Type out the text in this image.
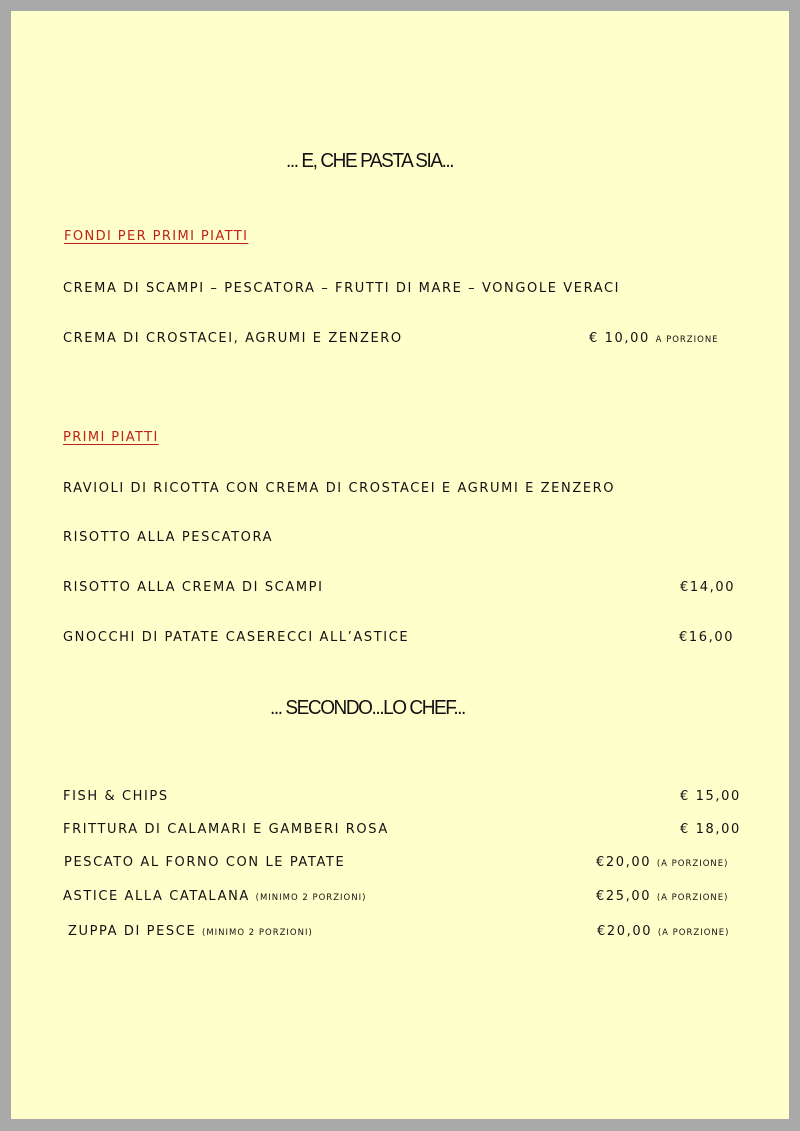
... E, CHE PASTA SIA...
FONDI PER PRIMI PIATTI
CREMA DI SCAMPI – PESCATORA – FRUTTI DI MARE – VONGOLE VERACI
CREMA DI CROSTACEI, AGRUMI E ZENZERO	€ 10,00 A PORZIONE
PRIMI PIATTI
RAVIOLI DI RICOTTA CON CREMA DI CROSTACEI E AGRUMI E ZENZERO
RISOTTO ALLA PESCATORA
RISOTTO ALLA CREMA DI SCAMPI	€14,00
GNOCCHI DI PATATE CASERECCI ALL’ASTICE	€16,00
... SECONDO...LO CHEF...
FISH & CHIPS	€ 15,00
FRITTURA DI CALAMARI E GAMBERI ROSA	€ 18,00
PESCATO AL FORNO CON LE PATATE	€20,00 (A PORZIONE)
ASTICE ALLA CATALANA (MINIMO 2 PORZIONI)	€25,00 (A PORZIONE)
ZUPPA DI PESCE (MINIMO 2 PORZIONI)	€20,00 (A PORZIONE)
